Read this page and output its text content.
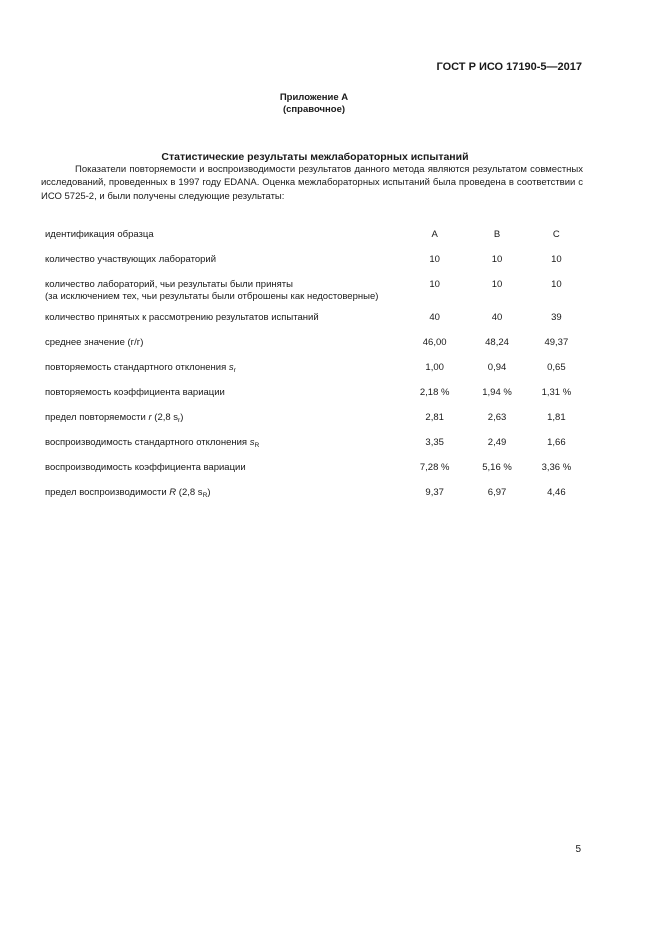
ГОСТ Р ИСО 17190-5—2017
Приложение А
(справочное)
Статистические результаты межлабораторных испытаний

Показатели повторяемости и воспроизводимости результатов данного метода являются результатом совместных исследований, проведенных в 1997 году EDANA. Оценка межлабораторных испытаний была проведена в соответствии с ИСО 5725-2, и были получены следующие результаты:

идентификация образца	A	B	C
количество участвующих лабораторий	10	10	10

количество лабораторий, чьи результаты были приняты
(за исключением тех, чьи результаты были отброшены как недостоверные)	10	10	10
количество принятых к рассмотрению результатов испытаний	40	40	39
среднее значение (г/г)	46,00	48,24	49,37
повторяемость стандартного отклонения $s_r$	1,00	0,94	0,65
повторяемость коэффициента вариации	2,18 %	1,94 %	1,31 %
предел повторяемости r (2,8 $s_r$)	2,81	2,63	1,81
воспроизводимость стандартного отклонения $s_R$	3,35	2,49	1,66
воспроизводимость коэффициента вариации	7,28 %	5,16 %	3,36 %
предел воспроизводимости R (2,8 $s_R$)	9,37	6,97	4,46
5
